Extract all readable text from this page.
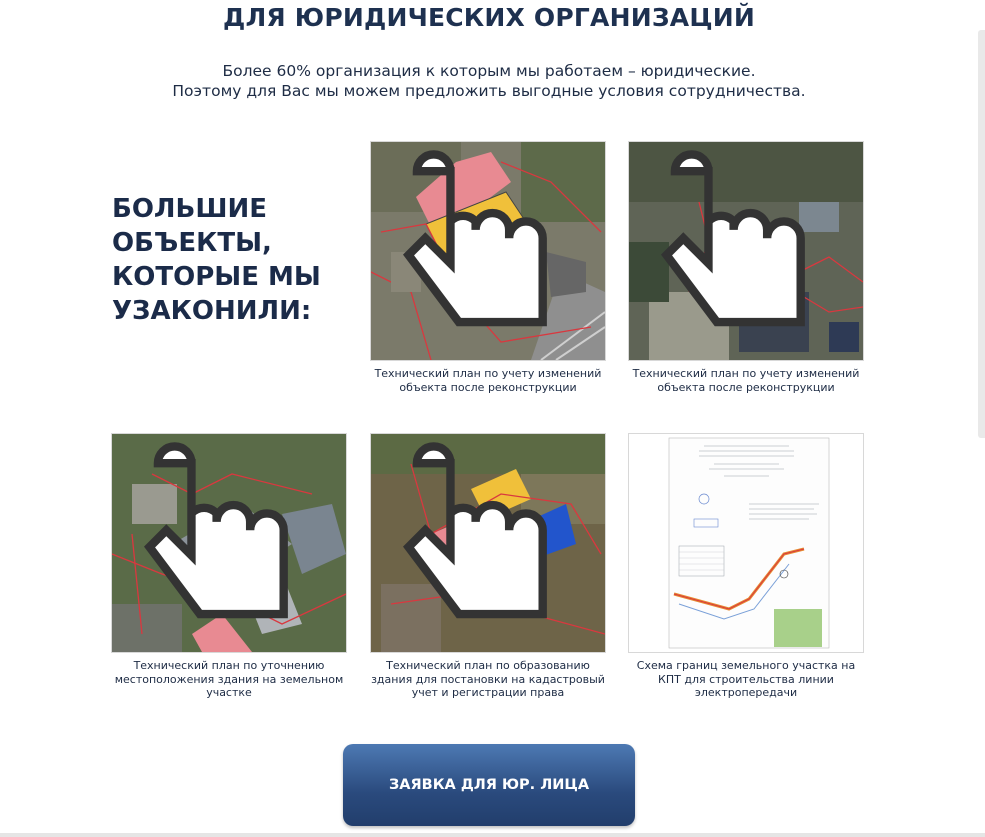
ДЛЯ ЮРИДИЧЕСКИХ ОРГАНИЗАЦИЙ
Более 60% организация к которым мы работаем – юридические.
Поэтому для Вас мы можем предложить выгодные условия сотрудничества.
БОЛЬШИЕ
ОБЪЕКТЫ,
КОТОРЫЕ МЫ
УЗАКОНИЛИ:
Технический план по учету изменений
объекта после реконструкции
Технический план по учету изменений
объекта после реконструкции
Технический план по уточнению
местоположения здания на земельном
участке
Технический план по образованию
здания для постановки на кадастровый
учет и регистрации права
Схема границ земельного участка на
КПТ для строительства линии
электропередачи
ЗАЯВКА ДЛЯ ЮР. ЛИЦА
